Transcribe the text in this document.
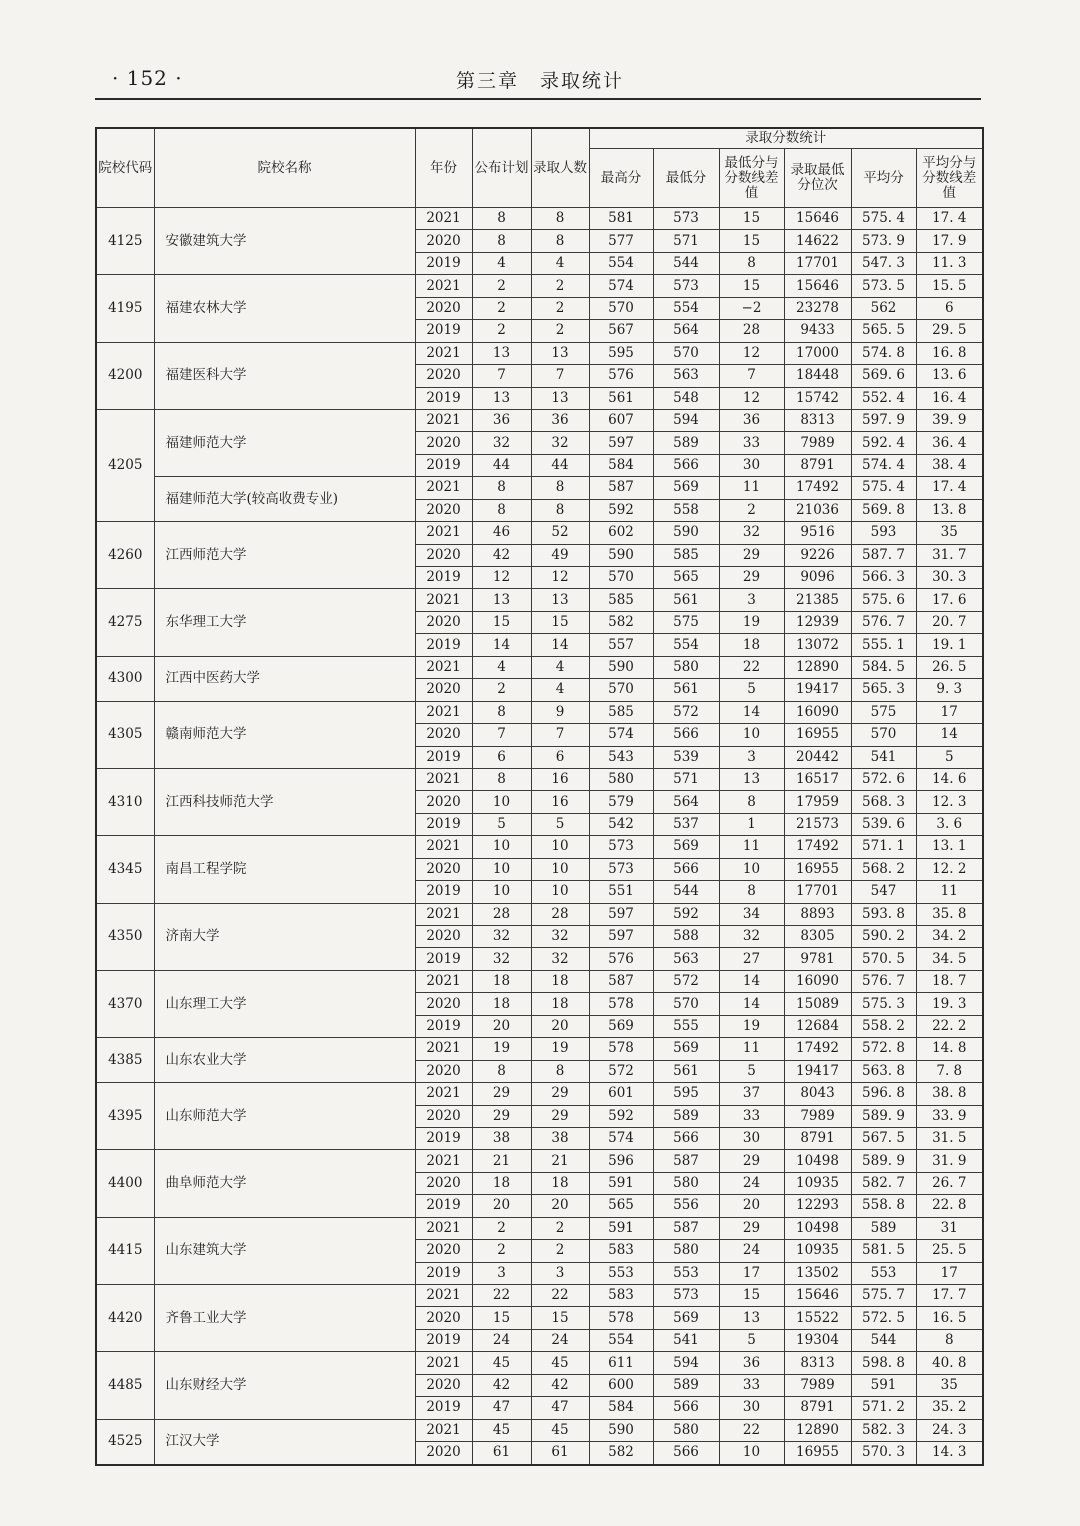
· 152 ·	第三章　录取统计
院校代码	院校名称	年份	公布计划	录取人数	录取分数统计					
					最高分	最低分	最低分与分数线差值	录取最低分位次	平均分	平均分与分数线差值
4125	安徽建筑大学	2021	8	8	581	573	15	15646	575. 4	17. 4
		2020	8	8	577	571	15	14622	573. 9	17. 9
		2019	4	4	554	544	8	17701	547. 3	11. 3
4195	福建农林大学	2021	2	2	574	573	15	15646	573. 5	15. 5
		2020	2	2	570	554	−2	23278	562	6
		2019	2	2	567	564	28	9433	565. 5	29. 5
4200	福建医科大学	2021	13	13	595	570	12	17000	574. 8	16. 8
		2020	7	7	576	563	7	18448	569. 6	13. 6
		2019	13	13	561	548	12	15742	552. 4	16. 4
4205	福建师范大学	2021	36	36	607	594	36	8313	597. 9	39. 9
		2020	32	32	597	589	33	7989	592. 4	36. 4
		2019	44	44	584	566	30	8791	574. 4	38. 4
	福建师范大学(较高收费专业)	2021	8	8	587	569	11	17492	575. 4	17. 4
		2020	8	8	592	558	2	21036	569. 8	13. 8
4260	江西师范大学	2021	46	52	602	590	32	9516	593	35
		2020	42	49	590	585	29	9226	587. 7	31. 7
		2019	12	12	570	565	29	9096	566. 3	30. 3
4275	东华理工大学	2021	13	13	585	561	3	21385	575. 6	17. 6
		2020	15	15	582	575	19	12939	576. 7	20. 7
		2019	14	14	557	554	18	13072	555. 1	19. 1
4300	江西中医药大学	2021	4	4	590	580	22	12890	584. 5	26. 5
		2020	2	4	570	561	5	19417	565. 3	9. 3
4305	赣南师范大学	2021	8	9	585	572	14	16090	575	17
		2020	7	7	574	566	10	16955	570	14
		2019	6	6	543	539	3	20442	541	5
4310	江西科技师范大学	2021	8	16	580	571	13	16517	572. 6	14. 6
		2020	10	16	579	564	8	17959	568. 3	12. 3
		2019	5	5	542	537	1	21573	539. 6	3. 6
4345	南昌工程学院	2021	10	10	573	569	11	17492	571. 1	13. 1
		2020	10	10	573	566	10	16955	568. 2	12. 2
		2019	10	10	551	544	8	17701	547	11
4350	济南大学	2021	28	28	597	592	34	8893	593. 8	35. 8
		2020	32	32	597	588	32	8305	590. 2	34. 2
		2019	32	32	576	563	27	9781	570. 5	34. 5
4370	山东理工大学	2021	18	18	587	572	14	16090	576. 7	18. 7
		2020	18	18	578	570	14	15089	575. 3	19. 3
		2019	20	20	569	555	19	12684	558. 2	22. 2
4385	山东农业大学	2021	19	19	578	569	11	17492	572. 8	14. 8
		2020	8	8	572	561	5	19417	563. 8	7. 8
4395	山东师范大学	2021	29	29	601	595	37	8043	596. 8	38. 8
		2020	29	29	592	589	33	7989	589. 9	33. 9
		2019	38	38	574	566	30	8791	567. 5	31. 5
4400	曲阜师范大学	2021	21	21	596	587	29	10498	589. 9	31. 9
		2020	18	18	591	580	24	10935	582. 7	26. 7
		2019	20	20	565	556	20	12293	558. 8	22. 8
4415	山东建筑大学	2021	2	2	591	587	29	10498	589	31
		2020	2	2	583	580	24	10935	581. 5	25. 5
		2019	3	3	553	553	17	13502	553	17
4420	齐鲁工业大学	2021	22	22	583	573	15	15646	575. 7	17. 7
		2020	15	15	578	569	13	15522	572. 5	16. 5
		2019	24	24	554	541	5	19304	544	8
4485	山东财经大学	2021	45	45	611	594	36	8313	598. 8	40. 8
		2020	42	42	600	589	33	7989	591	35
		2019	47	47	584	566	30	8791	571. 2	35. 2
4525	江汉大学	2021	45	45	590	580	22	12890	582. 3	24. 3
		2020	61	61	582	566	10	16955	570. 3	14. 3
